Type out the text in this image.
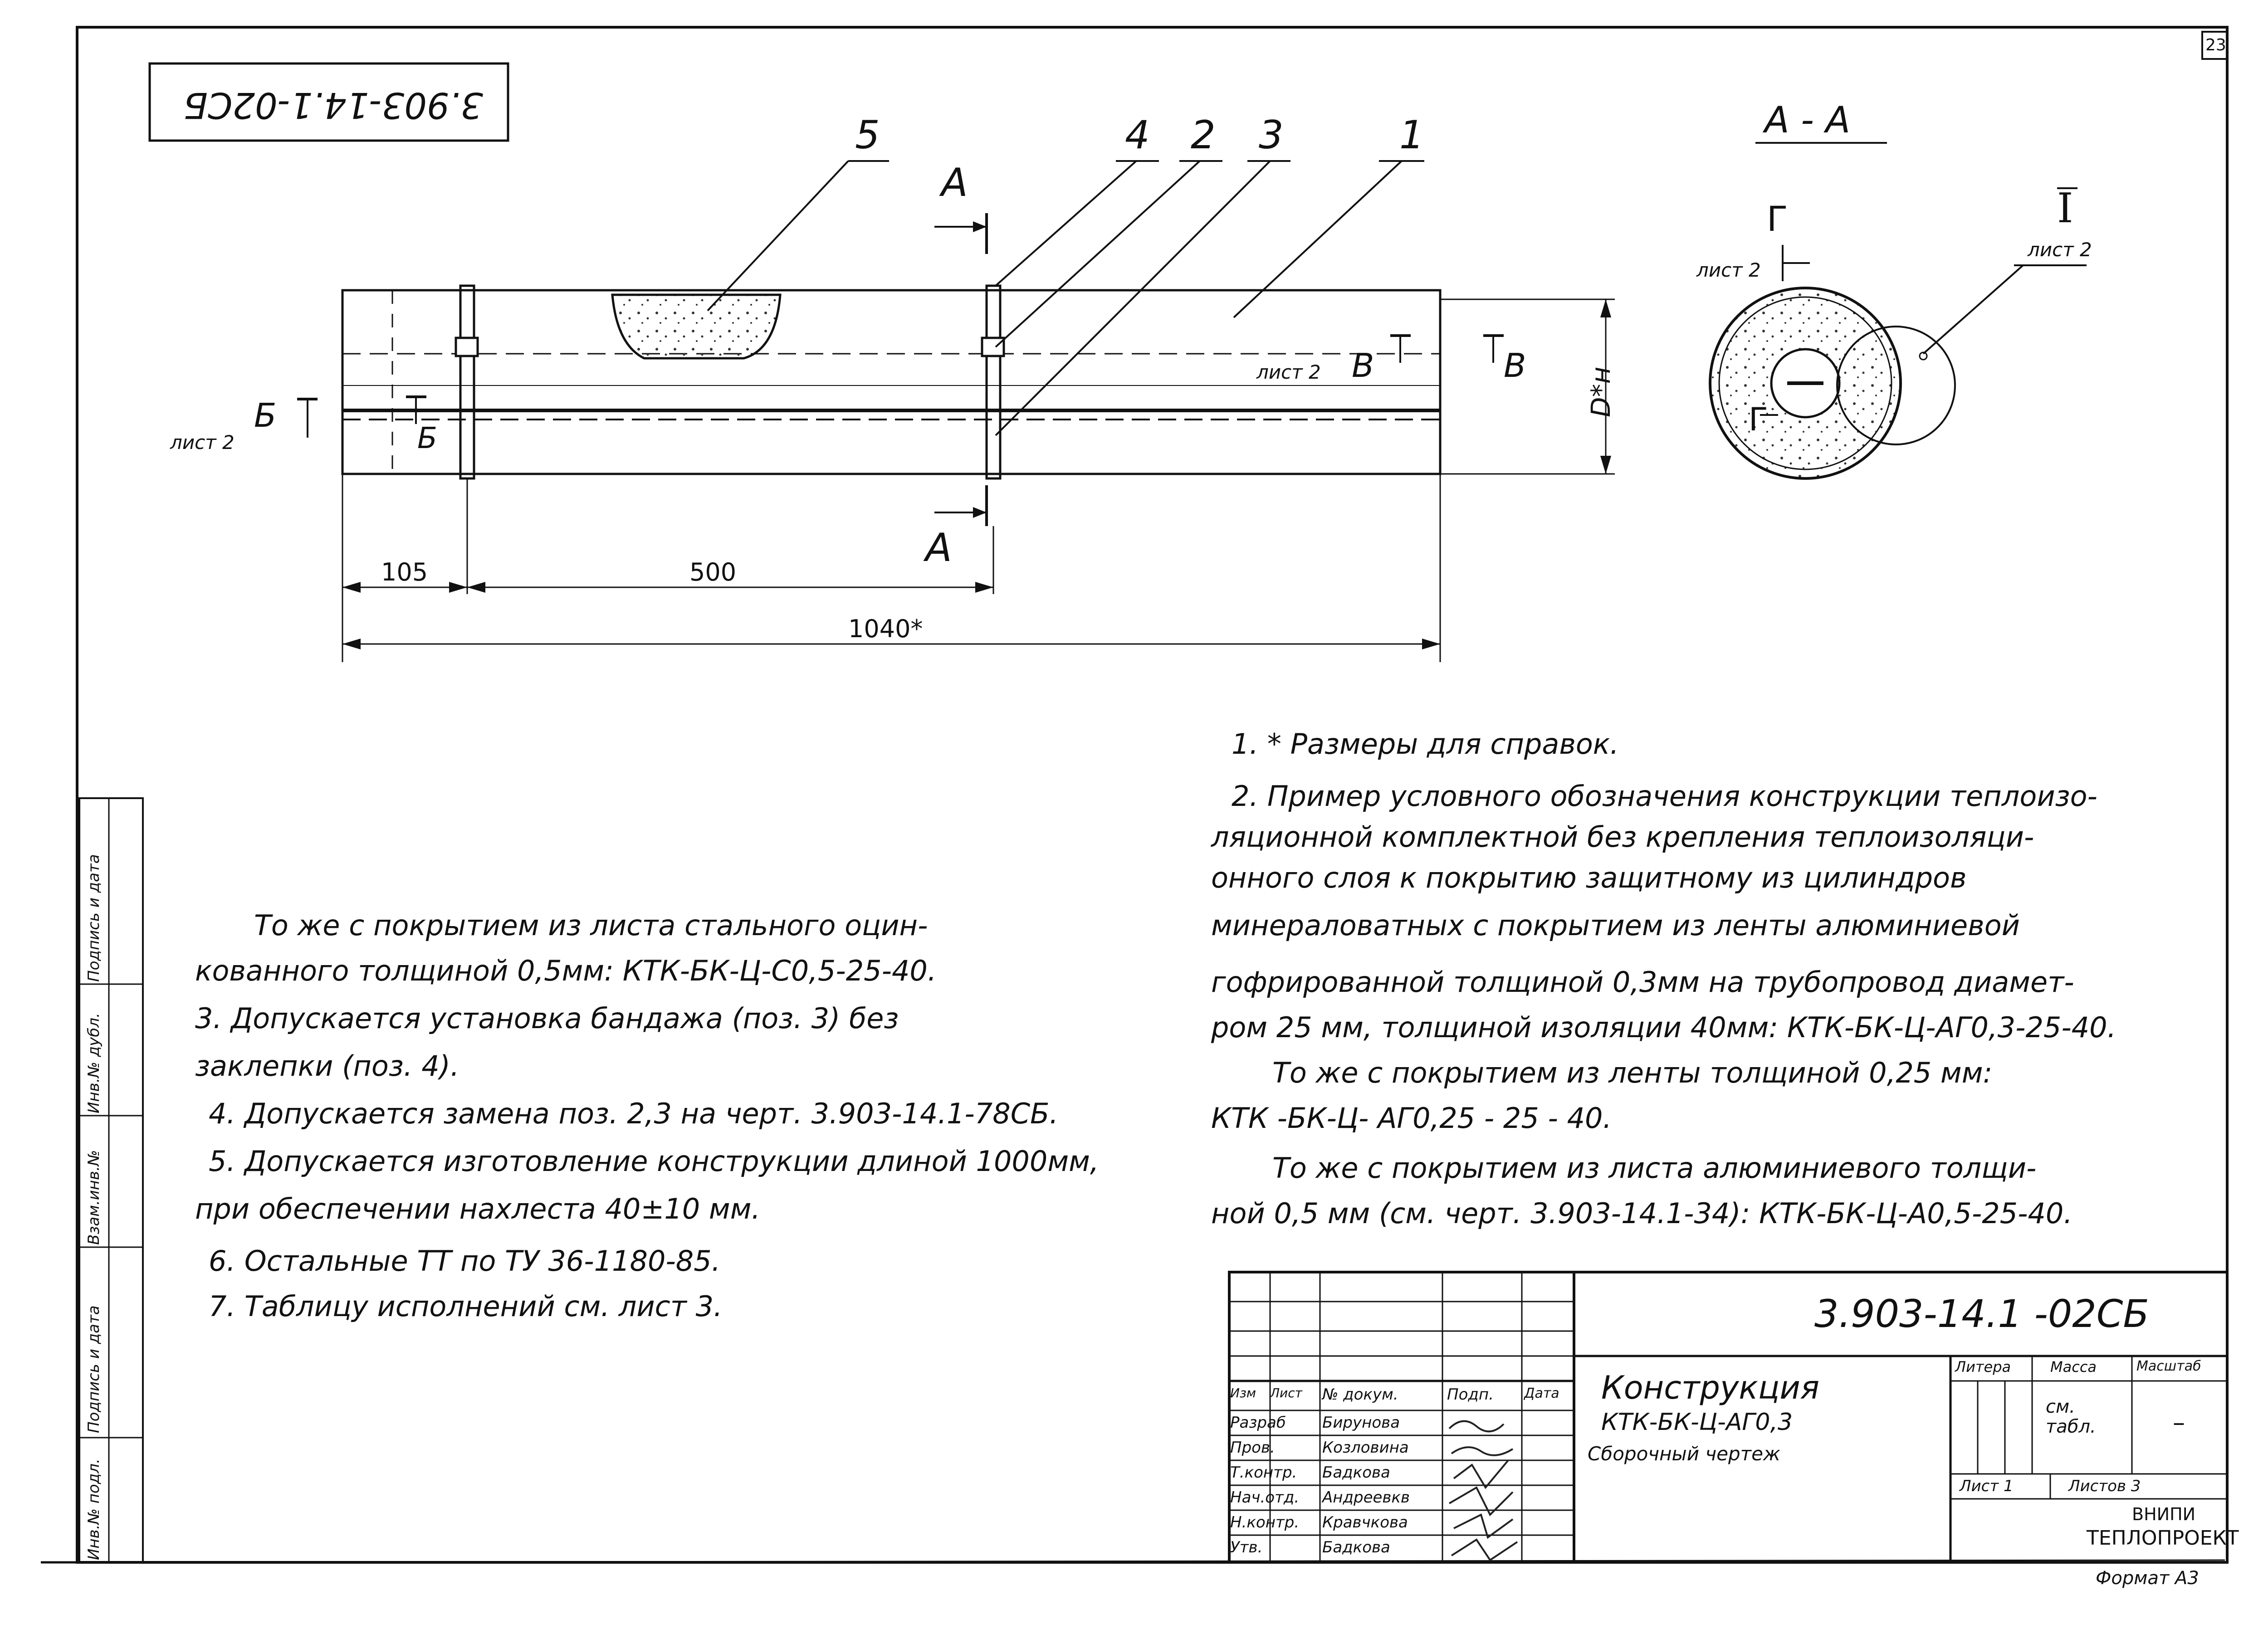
23
3.903-14.1-02СБ
5	4 2 3	1
А
А
лист 2
Б
Б
лист 2 В	В
D*н
105	500
1040*
А - А
Г
лист 2
Г
I
лист 2
1. * Размеры для справок.
2. Пример условного обозначения конструкции теплоизо-
ляционной комплектной без крепления теплоизоляци-
онного слоя к покрытию защитному из цилиндров
минераловатных с покрытием из ленты алюминиевой
гофрированной толщиной 0,3мм на трубопровод диамет-
ром 25 мм, толщиной изоляции 40мм: КТК-БК-Ц-АГ0,3-25-40.
То же с покрытием из ленты толщиной 0,25 мм:
КТК -БК-Ц- АГ0,25 - 25 - 40.
То же с покрытием из листа алюминиевого толщи-
ной 0,5 мм (см. черт. 3.903-14.1-34): КТК-БК-Ц-А0,5-25-40.
То же с покрытием из листа стального оцин-
кованного толщиной 0,5мм: КТК-БК-Ц-С0,5-25-40.
3. Допускается установка бандажа (поз. 3) без
заклепки (поз. 4).
4. Допускается замена поз. 2,3 на черт. 3.903-14.1-78СБ.
5. Допускается изготовление конструкции длиной 1000мм,
при обеспечении нахлеста 40±10 мм.
6. Остальные ТТ по ТУ 36-1180-85.
7. Таблицу исполнений см. лист 3.	3.903-14.1 -02СБ
Конструкция
КТК-БК-Ц-АГ0,3
Сборочный чертеж
Изм Лист № докум.	Подп. Дата
Разраб Бирунова
Пров.	Козловина
Т.контр. Бадкова
Нач.отд. Андреевкв
Н.контр. Кравчкова
Утв.	Бадкова
Литера	Масса	Масштаб
см. табл.	–
Лист 1	Листов 3
ВНИПИ
ТЕПЛОПРОЕКТ
Формат А3
Инв.№ подл.
Подпись и дата
Взам.инв.№
Инв.№ дубл.
Подпись и дата
